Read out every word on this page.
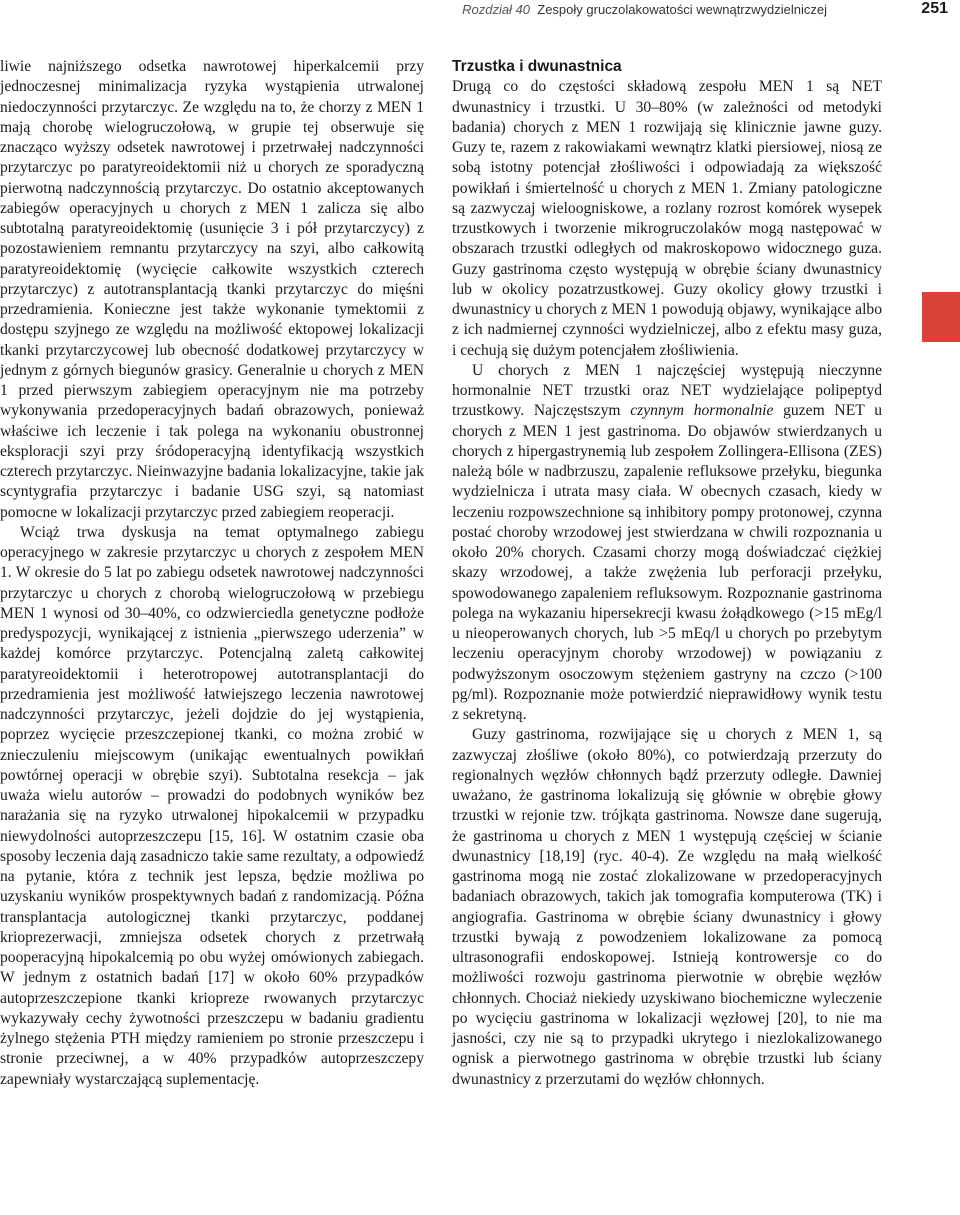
Rozdział 40 Zespoły gruczolakowatości wewnątrzwydzielniczej	251

liwie najniższego odsetka nawrotowej hiperkalcemii przy jednoczesnej minimalizacja ryzyka wystąpienia utrwalonej niedoczynności przytarczyc. Ze względu na to, że chorzy z MEN 1 mają chorobę wielogruczołową, w grupie tej obserwuje się znacząco wyższy odsetek nawrotowej i przetrwałej nadczynności przytarczyc po paratyreoidektomii niż u chorych ze sporadyczną pierwotną nadczynnością przytarczyc. Do ostatnio akceptowanych zabiegów operacyjnych u chorych z MEN 1 zalicza się albo subtotalną paratyreoidektomię (usunięcie 3 i pół przytarczycy) z pozostawieniem remnantu przytarczycy na szyi, albo całkowitą paratyreoidektomię (wycięcie całkowite wszystkich czterech przytarczyc) z autotransplantacją tkanki przytarczyc do mięśni przedramienia. Konieczne jest także wykonanie tymektomii z dostępu szyjnego ze względu na możliwość ektopowej lokalizacji tkanki przytarczycowej lub obecność dodatkowej przytarczycy w jednym z górnych biegunów grasicy. Generalnie u chorych z MEN 1 przed pierwszym zabiegiem operacyjnym nie ma potrzeby wykonywania przedoperacyjnych badań obrazowych, ponieważ właściwe ich leczenie i tak polega na wykonaniu obustronnej eksploracji szyi przy śródoperacyjną identyfikacją wszystkich czterech przytarczyc. Nieinwazyjne badania lokalizacyjne, takie jak scyntygrafia przytarczyc i badanie USG szyi, są natomiast pomocne w lokalizacji przytarczyc przed zabiegiem reoperacji.

Wciąż trwa dyskusja na temat optymalnego zabiegu operacyjnego w zakresie przytarczyc u chorych z zespołem MEN 1. W okresie do 5 lat po zabiegu odsetek nawrotowej nadczynności przytarczyc u chorych z chorobą wielogruczołową w przebiegu MEN 1 wynosi od 30–40%, co odzwierciedla genetyczne podłoże predyspozycji, wynikającej z istnienia „pierwszego uderzenia” w każdej komórce przytarczyc. Potencjalną zaletą całkowitej paratyreoidektomii i heterotropowej autotransplantacji do przedramienia jest możliwość łatwiejszego leczenia nawrotowej nadczynności przytarczyc, jeżeli dojdzie do jej wystąpienia, poprzez wycięcie przeszczepionej tkanki, co można zrobić w znieczuleniu miejscowym (unikając ewentualnych powikłań powtórnej operacji w obrębie szyi). Subtotalna resekcja – jak uważa wielu autorów – prowadzi do podobnych wyników bez narażania się na ryzyko utrwalonej hipokalcemii w przypadku niewydolności autoprzeszczepu [15, 16]. W ostatnim czasie oba sposoby leczenia dają zasadniczo takie same rezultaty, a odpowiedź na pytanie, która z technik jest lepsza, będzie możliwa po uzyskaniu wyników prospektywnych badań z randomizacją. Późna transplantacja autologicznej tkanki przytarczyc, poddanej krioprezerwacji, zmniejsza odsetek chorych z przetrwałą pooperacyjną hipokalcemią po obu wyżej omówionych zabiegach. W jednym z ostatnich badań [17] w około 60% przypadków autoprzeszczepione tkanki kriopreze rwowanych przytarczyc wykazywały cechy żywotności przeszczepu w badaniu gradientu żylnego stężenia PTH między ramieniem po stronie przeszczepu i stronie przeciwnej, a w 40% przypadków autoprzeszczepy zapewniały wystarczającą suplementację.

Trzustka i dwunastnica

Drugą co do częstości składową zespołu MEN 1 są NET dwunastnicy i trzustki. U 30–80% (w zależności od metodyki badania) chorych z MEN 1 rozwijają się klinicznie jawne guzy. Guzy te, razem z rakowiakami wewnątrz klatki piersiowej, niosą ze sobą istotny potencjał złośliwości i odpowiadają za większość powikłań i śmiertelność u chorych z MEN 1. Zmiany patologiczne są zazwyczaj wieloogniskowe, a rozlany rozrost komórek wysepek trzustkowych i tworzenie mikrogruczolaków mogą następować w obszarach trzustki odległych od makroskopowo widocznego guza. Guzy gastrinoma często występują w obrębie ściany dwunastnicy lub w okolicy pozatrzustkowej. Guzy okolicy głowy trzustki i dwunastnicy u chorych z MEN 1 powodują objawy, wynikające albo z ich nadmiernej czynności wydzielniczej, albo z efektu masy guza, i cechują się dużym potencjałem złośliwienia.

U chorych z MEN 1 najczęściej występują nieczynne hormonalnie NET trzustki oraz NET wydzielające polipeptyd trzustkowy. Najczęstszym czynnym hormonalnie guzem NET u chorych z MEN 1 jest gastrinoma. Do objawów stwierdzanych u chorych z hipergastrynemią lub zespołem Zollingera-Ellisona (ZES) należą bóle w nadbrzuszu, zapalenie refluksowe przełyku, biegunka wydzielnicza i utrata masy ciała. W obecnych czasach, kiedy w leczeniu rozpowszechnione są inhibitory pompy protonowej, czynna postać choroby wrzodowej jest stwierdzana w chwili rozpoznania u około 20% chorych. Czasami chorzy mogą doświadczać ciężkiej skazy wrzodowej, a także zwężenia lub perforacji przełyku, spowodowanego zapaleniem refluksowym. Rozpoznanie gastrinoma polega na wykazaniu hipersekrecji kwasu żołądkowego (>15 mEg/l u nieoperowanych chorych, lub >5 mEq/l u chorych po przebytym leczeniu operacyjnym choroby wrzodowej) w powiązaniu z podwyższonym osoczowym stężeniem gastryny na czczo (>100 pg/ml). Rozpoznanie może potwierdzić nieprawidłowy wynik testu z sekretyną.

Guzy gastrinoma, rozwijające się u chorych z MEN 1, są zazwyczaj złośliwe (około 80%), co potwierdzają przerzuty do regionalnych węzłów chłonnych bądź przerzuty odległe. Dawniej uważano, że gastrinoma lokalizują się głównie w obrębie głowy trzustki w rejonie tzw. trójkąta gastrinoma. Nowsze dane sugerują, że gastrinoma u chorych z MEN 1 występują częściej w ścianie dwunastnicy [18,19] (ryc. 40-4). Ze względu na małą wielkość gastrinoma mogą nie zostać zlokalizowane w przedoperacyjnych badaniach obrazowych, takich jak tomografia komputerowa (TK) i angiografia. Gastrinoma w obrębie ściany dwunastnicy i głowy trzustki bywają z powodzeniem lokalizowane za pomocą ultrasonografii endoskopowej. Istnieją kontrowersje co do możliwości rozwoju gastrinoma pierwotnie w obrębie węzłów chłonnych. Chociaż niekiedy uzyskiwano biochemiczne wyleczenie po wycięciu gastrinoma w lokalizacji węzłowej [20], to nie ma jasności, czy nie są to przypadki ukrytego i niezlokalizowanego ognisk a pierwotnego gastrinoma w obrębie trzustki lub ściany dwunastnicy z przerzutami do węzłów chłonnych.
